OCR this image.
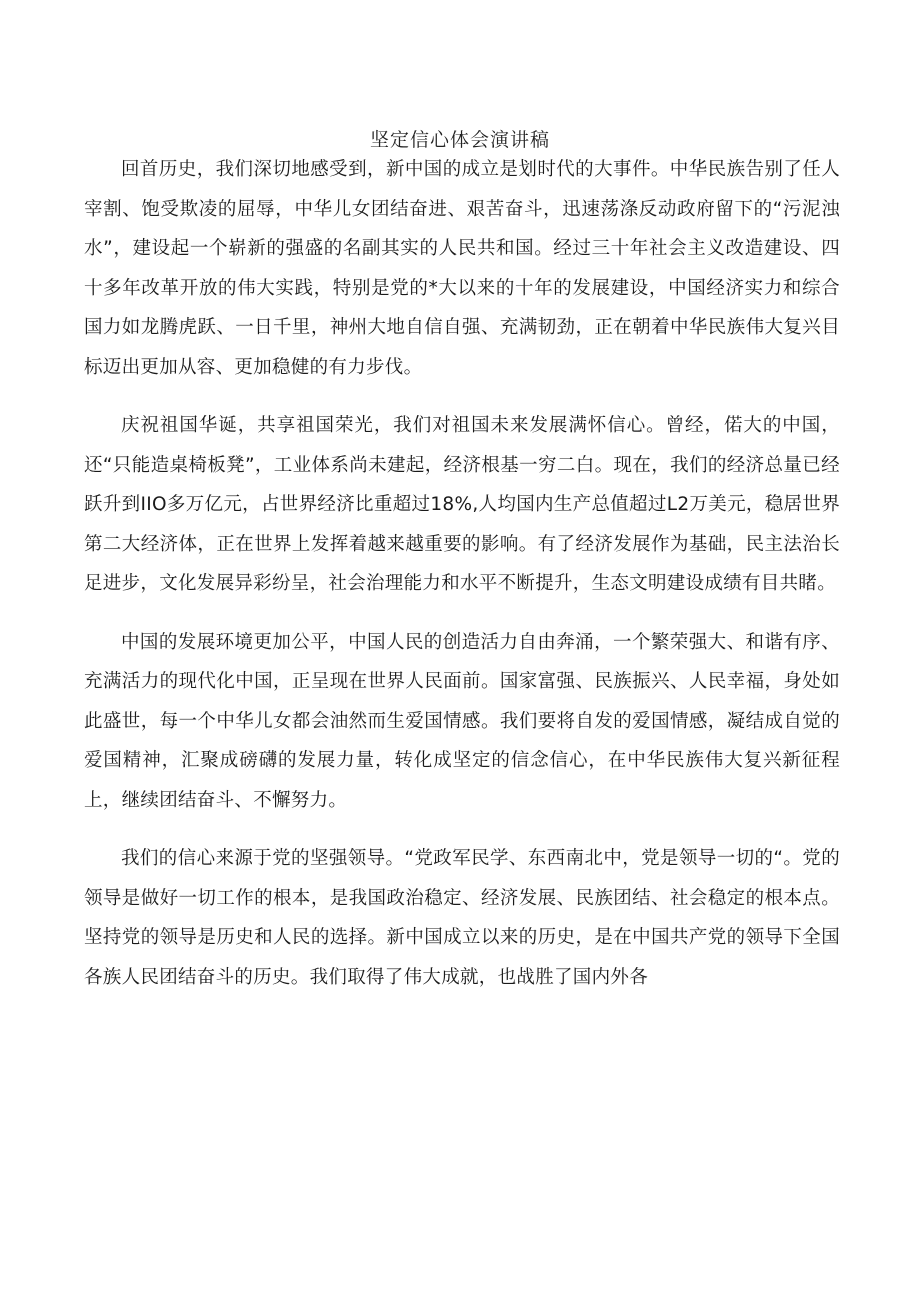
坚定信心体会演讲稿

回首历史，我们深切地感受到，新中国的成立是划时代的大事件。中华民族告别了任人宰割、饱受欺凌的屈辱，中华儿女团结奋进、艰苦奋斗，迅速荡涤反动政府留下的“污泥浊水”，建设起一个崭新的强盛的名副其实的人民共和国。经过三十年社会主义改造建设、四十多年改革开放的伟大实践，特别是党的*大以来的十年的发展建设，中国经济实力和综合国力如龙腾虎跃、一日千里，神州大地自信自强、充满韧劲，正在朝着中华民族伟大复兴目标迈出更加从容、更加稳健的有力步伐。

庆祝祖国华诞，共享祖国荣光，我们对祖国未来发展满怀信心。曾经，偌大的中国，还“只能造桌椅板凳”，工业体系尚未建起，经济根基一穷二白。现在，我们的经济总量已经跃升到IIO多万亿元，占世界经济比重超过18%,人均国内生产总值超过L2万美元，稳居世界第二大经济体，正在世界上发挥着越来越重要的影响。有了经济发展作为基础，民主法治长足进步，文化发展异彩纷呈，社会治理能力和水平不断提升，生态文明建设成绩有目共睹。

中国的发展环境更加公平，中国人民的创造活力自由奔涌，一个繁荣强大、和谐有序、充满活力的现代化中国，正呈现在世界人民面前。国家富强、民族振兴、人民幸福，身处如此盛世，每一个中华儿女都会油然而生爱国情感。我们要将自发的爱国情感，凝结成自觉的爱国精神，汇聚成磅礴的发展力量，转化成坚定的信念信心，在中华民族伟大复兴新征程上，继续团结奋斗、不懈努力。

我们的信心来源于党的坚强领导。“党政军民学、东西南北中，党是领导一切的“。党的领导是做好一切工作的根本，是我国政治稳定、经济发展、民族团结、社会稳定的根本点。坚持党的领导是历史和人民的选择。新中国成立以来的历史，是在中国共产党的领导下全国各族人民团结奋斗的历史。我们取得了伟大成就，也战胜了国内外各
